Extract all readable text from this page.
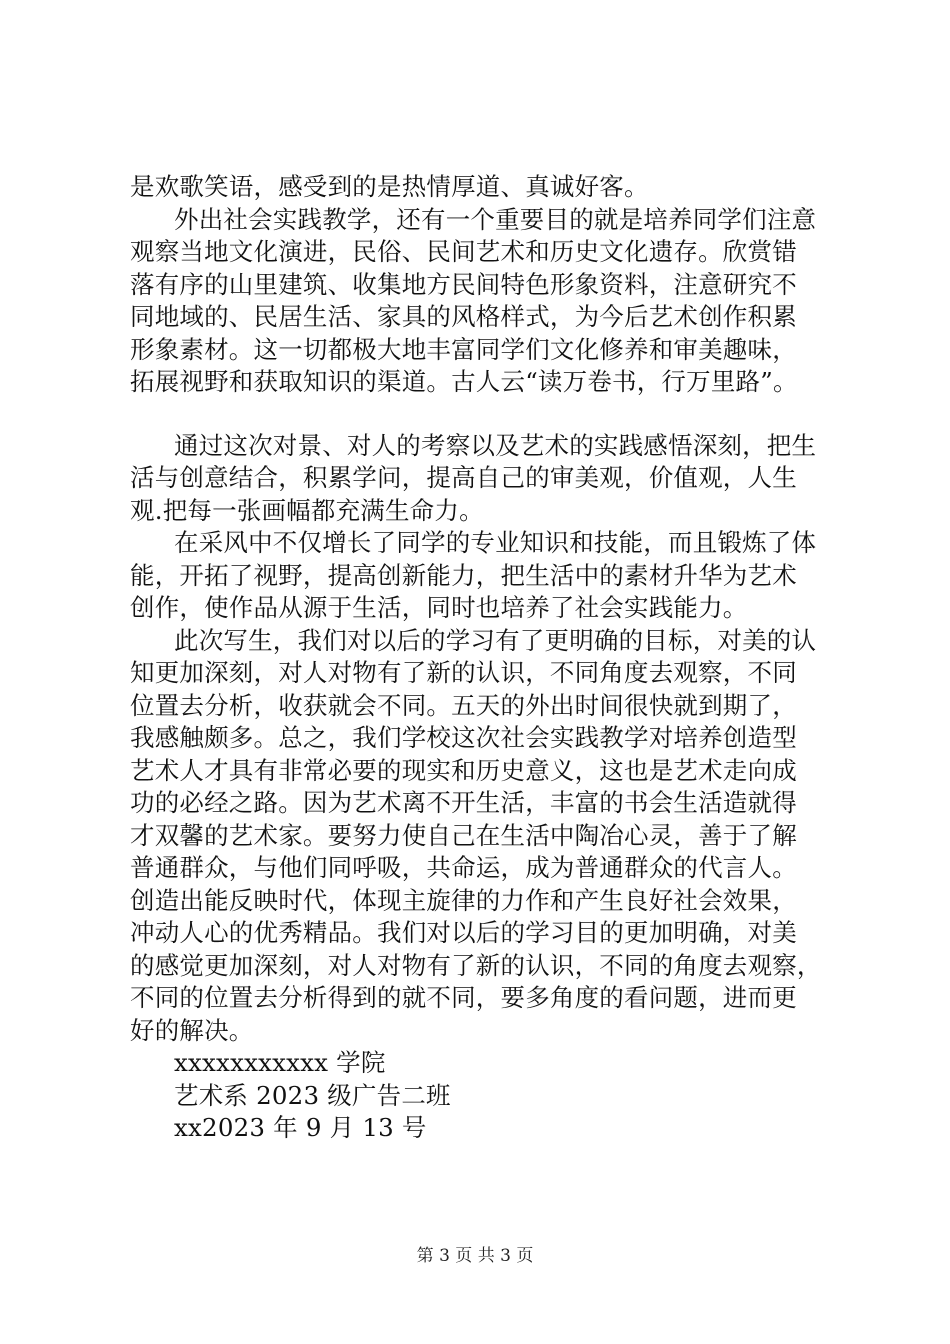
是欢歌笑语，感受到的是热情厚道、真诚好客。
外出社会实践教学，还有一个重要目的就是培养同学们注意
观察当地文化演进，民俗、民间艺术和历史文化遗存。欣赏错
落有序的山里建筑、收集地方民间特色形象资料，注意研究不
同地域的、民居生活、家具的风格样式，为今后艺术创作积累
形象素材。这一切都极大地丰富同学们文化修养和审美趣味，
拓展视野和获取知识的渠道。古人云“读万卷书，行万里路”。
通过这次对景、对人的考察以及艺术的实践感悟深刻，把生
活与创意结合，积累学问，提高自己的审美观，价值观，人生
观.把每一张画幅都充满生命力。
在采风中不仅增长了同学的专业知识和技能，而且锻炼了体
能，开拓了视野，提高创新能力，把生活中的素材升华为艺术
创作，使作品从源于生活，同时也培养了社会实践能力。
此次写生，我们对以后的学习有了更明确的目标，对美的认
知更加深刻，对人对物有了新的认识，不同角度去观察，不同
位置去分析，收获就会不同。五天的外出时间很快就到期了，
我感触颇多。总之，我们学校这次社会实践教学对培养创造型
艺术人才具有非常必要的现实和历史意义，这也是艺术走向成
功的必经之路。因为艺术离不开生活，丰富的书会生活造就得
才双馨的艺术家。要努力使自己在生活中陶冶心灵，善于了解
普通群众，与他们同呼吸，共命运，成为普通群众的代言人。
创造出能反映时代，体现主旋律的力作和产生良好社会效果，
冲动人心的优秀精品。我们对以后的学习目的更加明确，对美
的感觉更加深刻，对人对物有了新的认识，不同的角度去观察，
不同的位置去分析得到的就不同，要多角度的看问题，进而更
好的解决。
xxxxxxxxxxx 学院
艺术系 2023 级广告二班
xx2023 年 9 月 13 号
第 3 页 共 3 页
